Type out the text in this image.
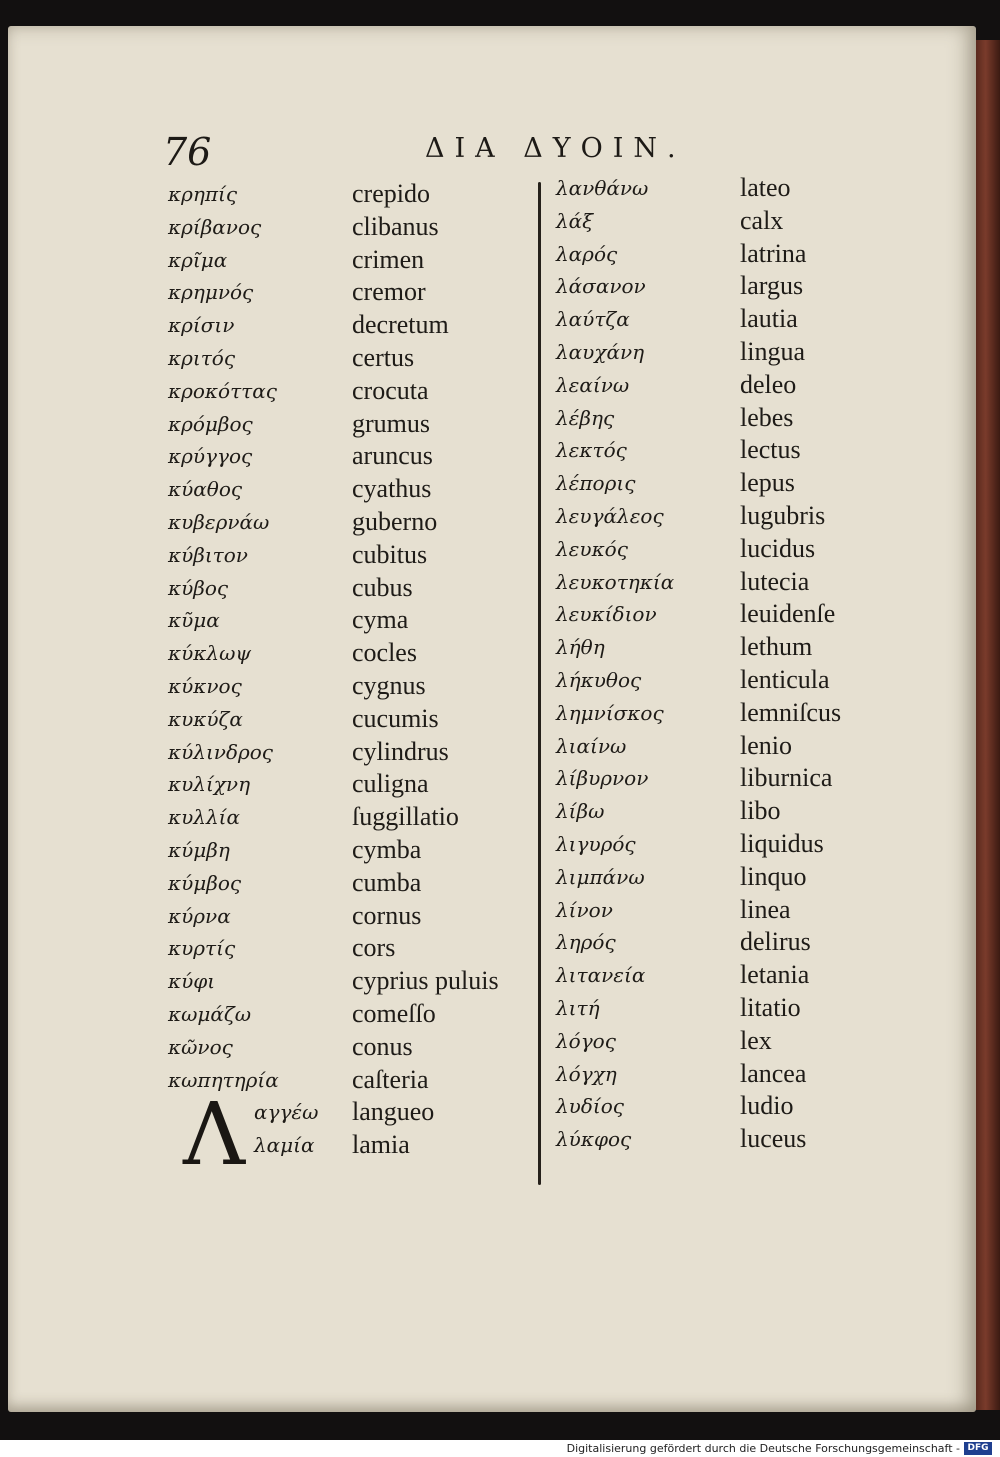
76	ΔΙΑ ΔΥΟΙΝ.
κρηπίς
κρίβανος
κρῖμα
κρημνός
κρίσιν
κριτός
κροκόττας
κρόμβος
κρύγγος
κύαθος
κυβερνάω
κύβιτον
κύβος
κῦμα
κύκλωψ
κύκνος
κυκύζα
κύλινδρος
κυλίχνη
κυλλία
κύμβη
κύμβος
κύρνα
κυρτίς
κύφι
κωμάζω
κῶνος
κωπητηρία
αγγέω
λαμία
crepido
clibanus
crimen
cremor
decretum
certus
crocuta
grumus
aruncus
cyathus
guberno
cubitus
cubus
cyma
cocles
cygnus
cucumis
cylindrus
culigna
ſuggillatio
cymba
cumba
cornus
cors
cyprius puluis
comeſſo
conus
caſteria
langueo
lamia
Λ
λανθάνω
λάξ
λαρός
λάσανον
λαύτζα
λαυχάνη
λεαίνω
λέβης
λεκτός
λέπορις
λευγάλεος
λευκός
λευκοτηκία
λευκίδιον
λήθη
λήκυθος
λημνίσκος
λιαίνω
λίβυρνον
λίβω
λιγυρός
λιμπάνω
λίνον
ληρός
λιτανεία
λιτή
λόγος
λόγχη
λυδίος
λύκφος
lateo
calx
latrina
largus
lautia
lingua
deleo
lebes
lectus
lepus
lugubris
lucidus
lutecia
leuidenſe
lethum
lenticula
lemniſcus
lenio
liburnica
libo
liquidus
linquo
linea
delirus
letania
litatio
lex
lancea
ludio
luceus
Digitalisierung gefördert durch die Deutsche Forschungsgemeinschaft - DFG
